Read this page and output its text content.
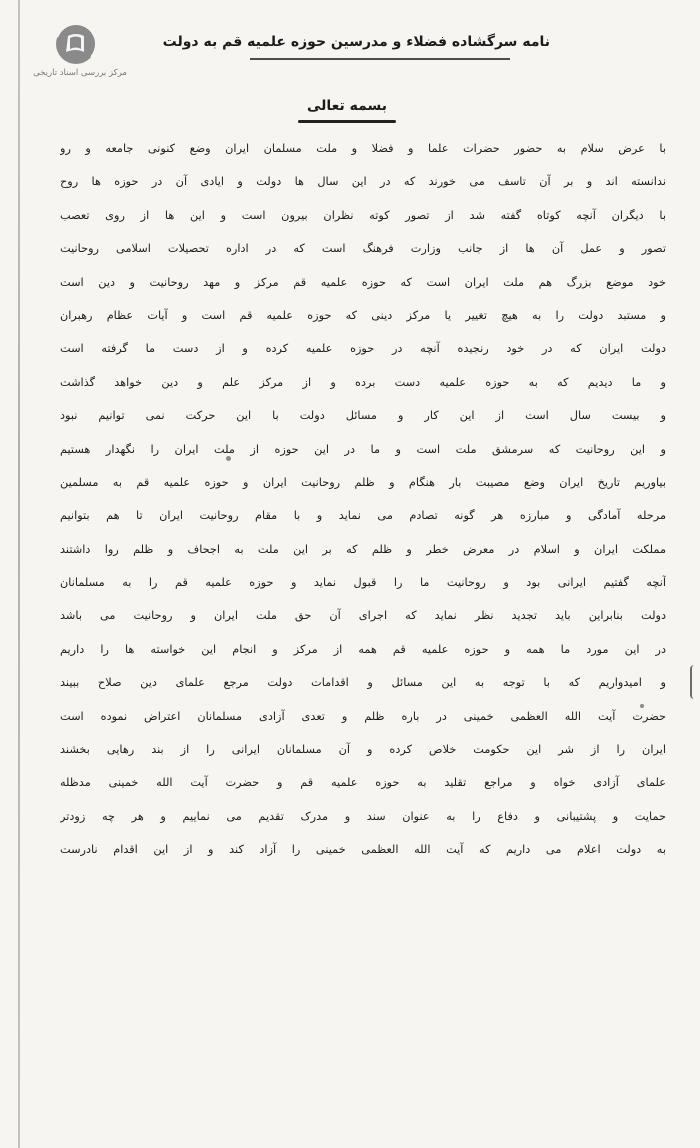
مرکز بررسی اسناد تاریخی
نامه سرگشاده فضلاء و مدرسین حوزه علمیه قم به دولت
بسمه تعالی
با عرض سلام به حضور حضرات علما و فضلا و ملت مسلمان ایران وضع کنونی جامعه و رو
ندانسته اند و بر آن تاسف می خورند که در این سال ها دولت و ایادی آن در حوزه ها روح
با دیگران آنچه کوتاه گفته شد از تصور کوته نظران بیرون است و این ها از روی تعصب
تصور و عمل آن ها از جانب وزارت فرهنگ است که در اداره تحصیلات اسلامی روحانیت
خود موضع بزرگ هم ملت ایران است که حوزه علمیه قم مرکز و مهد روحانیت و دین است
و مستبد دولت را به هیچ تغییر یا مرکز دینی که حوزه علمیه قم است و آیات عظام رهبران
دولت ایران که در خود رنجیده آنچه در حوزه علمیه کرده و از دست ما گرفته است
و ما دیدیم که به حوزه علمیه دست برده و از مرکز علم و دین خواهد گذاشت
و بیست سال است از این کار و مسائل دولت با این حرکت نمی توانیم نبود
و این روحانیت که سرمشق ملت است و ما در این حوزه از ملت ایران را نگهدار هستیم
بیاوریم تاریخ ایران وضع مصیبت بار هنگام و ظلم روحانیت ایران و حوزه علمیه قم به مسلمین
مرحله آمادگی و مبارزه هر گونه تصادم می نماید و با مقام روحانیت ایران تا هم بتوانیم
مملکت ایران و اسلام در معرض خطر و ظلم که بر این ملت به اجحاف و ظلم روا داشتند
آنچه گفتیم ایرانی بود و روحانیت ما را قبول نماید و حوزه علمیه قم را به مسلمانان
دولت بنابراین باید تجدید نظر نماید که اجرای آن حق ملت ایران و روحانیت می باشد
در این مورد ما همه و حوزه علمیه قم همه از مرکز و انجام این خواسته ها را داریم
و امیدواریم که با توجه به این مسائل و اقدامات دولت مرجع علمای دین صلاح ببیند
حضرت آیت الله العظمی خمینی در باره ظلم و تعدی آزادی مسلمانان اعتراض نموده است
ایران را از شر این حکومت خلاص کرده و آن مسلمانان ایرانی را از بند رهایی بخشند
علمای آزادی خواه و مراجع تقلید به حوزه علمیه قم و حضرت آیت الله خمینی مدظله
حمایت و پشتیبانی و دفاع را به عنوان سند و مدرک تقدیم می نماییم و هر چه زودتر
به دولت اعلام می داریم که آیت الله العظمی خمینی را آزاد کند و از این اقدام نادرست
